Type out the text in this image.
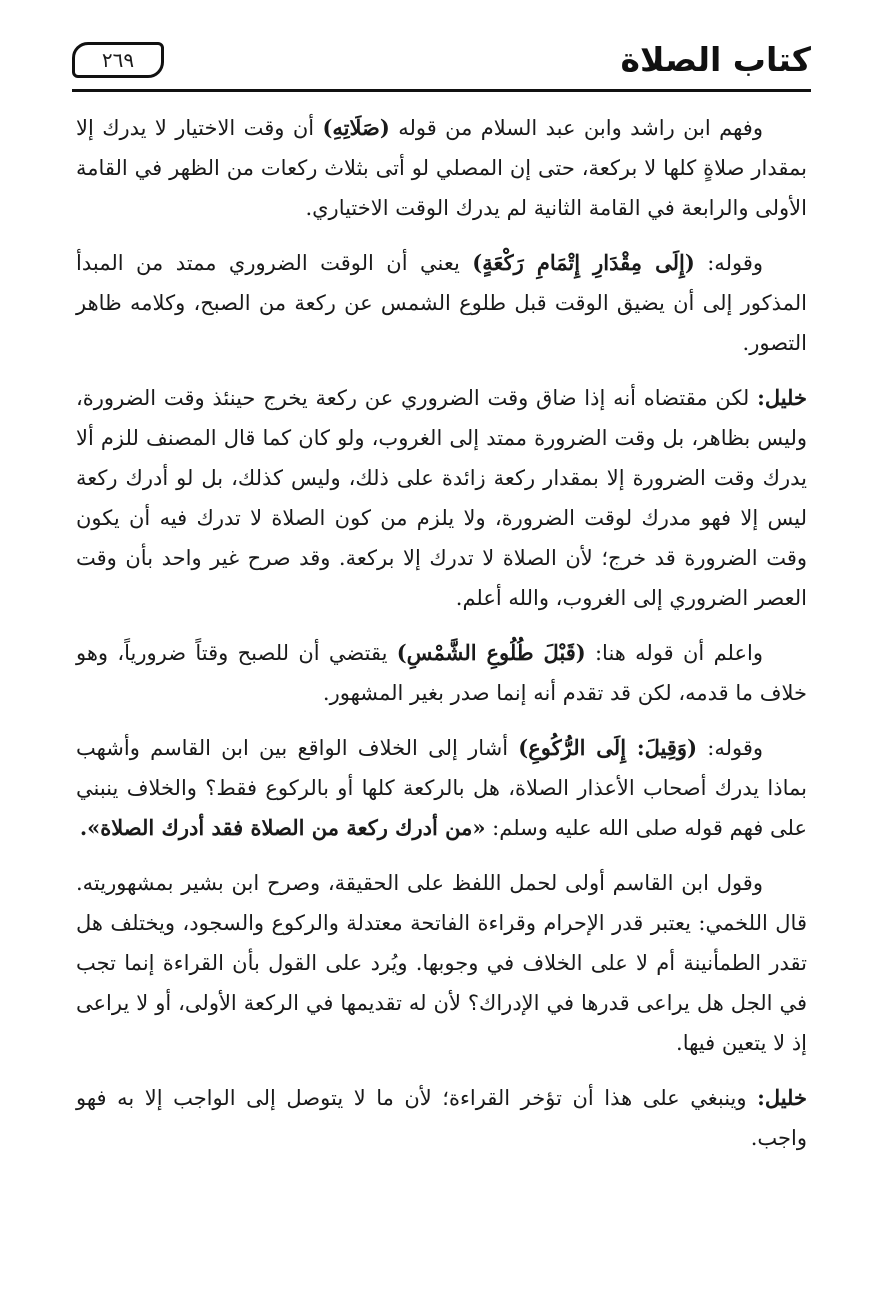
كتاب الصلاة
٢٦٩

وفهم ابن راشد وابن عبد السلام من قوله (صَلَاتِهِ) أن وقت الاختيار لا يدرك إلا بمقدار صلاةٍ كلها لا بركعة، حتى إن المصلي لو أتى بثلاث ركعات من الظهر في القامة الأولى والرابعة في القامة الثانية لم يدرك الوقت الاختياري.

وقوله: (إِلَى مِقْدَارِ إِتْمَامِ رَكْعَةٍ) يعني أن الوقت الضروري ممتد من المبدأ المذكور إلى أن يضيق الوقت قبل طلوع الشمس عن ركعة من الصبح، وكلامه ظاهر التصور.

خليل: لكن مقتضاه أنه إذا ضاق وقت الضروري عن ركعة يخرج حينئذ وقت الضرورة، وليس بظاهر، بل وقت الضرورة ممتد إلى الغروب، ولو كان كما قال المصنف للزم ألا يدرك وقت الضرورة إلا بمقدار ركعة زائدة على ذلك، وليس كذلك، بل لو أدرك ركعة ليس إلا فهو مدرك لوقت الضرورة، ولا يلزم من كون الصلاة لا تدرك فيه أن يكون وقت الضرورة قد خرج؛ لأن الصلاة لا تدرك إلا بركعة. وقد صرح غير واحد بأن وقت العصر الضروري إلى الغروب، والله أعلم.

واعلم أن قوله هنا: (قَبْلَ طُلُوعِ الشَّمْسِ) يقتضي أن للصبح وقتاً ضرورياً، وهو خلاف ما قدمه، لكن قد تقدم أنه إنما صدر بغير المشهور.

وقوله: (وَقِيلَ: إِلَى الرُّكُوعِ) أشار إلى الخلاف الواقع بين ابن القاسم وأشهب بماذا يدرك أصحاب الأعذار الصلاة، هل بالركعة كلها أو بالركوع فقط؟ والخلاف ينبني على فهم قوله صلى الله عليه وسلم: «من أدرك ركعة من الصلاة فقد أدرك الصلاة».

وقول ابن القاسم أولى لحمل اللفظ على الحقيقة، وصرح ابن بشير بمشهوريته. قال اللخمي: يعتبر قدر الإحرام وقراءة الفاتحة معتدلة والركوع والسجود، ويختلف هل تقدر الطمأنينة أم لا على الخلاف في وجوبها. ويُرد على القول بأن القراءة إنما تجب في الجل هل يراعى قدرها في الإدراك؟ لأن له تقديمها في الركعة الأولى، أو لا يراعى إذ لا يتعين فيها.

خليل: وينبغي على هذا أن تؤخر القراءة؛ لأن ما لا يتوصل إلى الواجب إلا به فهو واجب.
